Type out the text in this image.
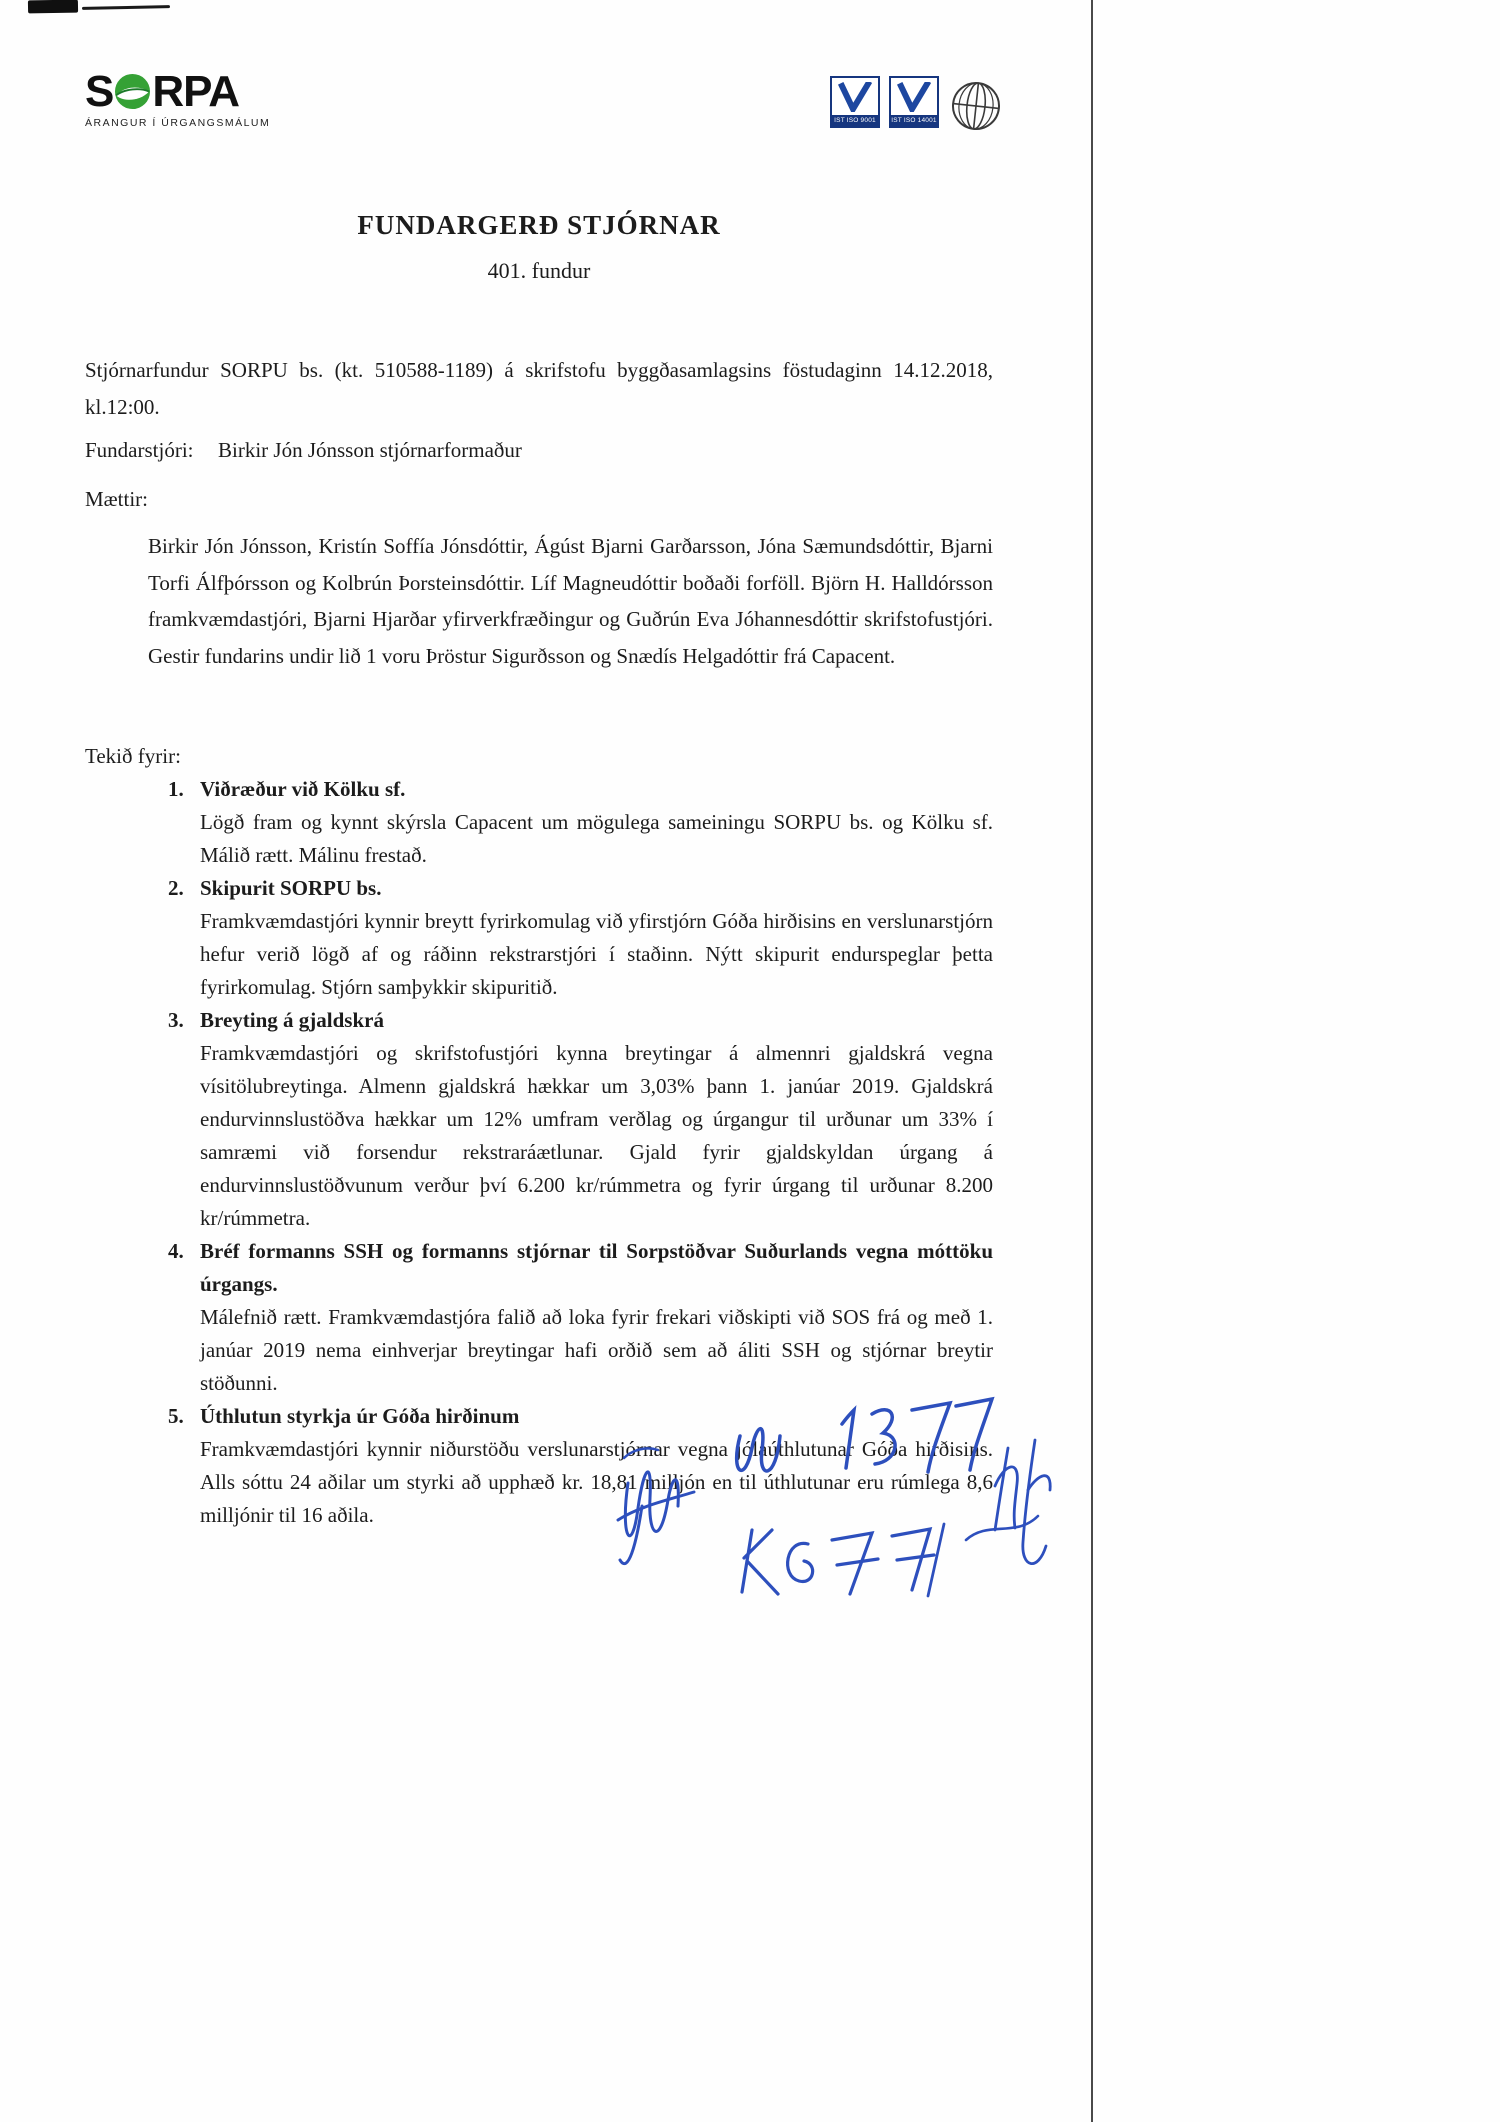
S RPA
ÁRANGUR Í ÚRGANGSMÁLUM	IST ISO 9001	IST ISO 14001
FUNDARGERÐ STJÓRNAR
401. fundur
Stjórnarfundur SORPU bs. (kt. 510588-1189) á skrifstofu byggðasamlagsins föstudaginn 14.12.2018, kl.12:00.
Fundarstjóri:	Birkir Jón Jónsson stjórnarformaður
Mættir:
Birkir Jón Jónsson, Kristín Soffía Jónsdóttir, Ágúst Bjarni Garðarsson, Jóna Sæmundsdóttir, Bjarni Torfi Álfþórsson og Kolbrún Þorsteinsdóttir. Líf Magneudóttir boðaði forföll. Björn H. Halldórsson framkvæmdastjóri, Bjarni Hjarðar yfirverkfræðingur og Guðrún Eva Jóhannesdóttir skrifstofustjóri. Gestir fundarins undir lið 1 voru Þröstur Sigurðsson og Snædís Helgadóttir frá Capacent.
Tekið fyrir:
1. Viðræður við Kölku sf.
Lögð fram og kynnt skýrsla Capacent um mögulega sameiningu SORPU bs. og Kölku sf. Málið rætt. Málinu frestað.
2. Skipurit SORPU bs.
Framkvæmdastjóri kynnir breytt fyrirkomulag við yfirstjórn Góða hirðisins en verslunarstjórn hefur verið lögð af og ráðinn rekstrarstjóri í staðinn. Nýtt skipurit endurspeglar þetta fyrirkomulag. Stjórn samþykkir skipuritið.
3. Breyting á gjaldskrá
Framkvæmdastjóri og skrifstofustjóri kynna breytingar á almennri gjaldskrá vegna vísitölubreytinga. Almenn gjaldskrá hækkar um 3,03% þann 1. janúar 2019. Gjaldskrá endurvinnslustöðva hækkar um 12% umfram verðlag og úrgangur til urðunar um 33% í samræmi við forsendur rekstraráætlunar. Gjald fyrir gjaldskyldan úrgang á endurvinnslustöðvunum verður því 6.200 kr/rúmmetra og fyrir úrgang til urðunar 8.200 kr/rúmmetra.
4. Bréf formanns SSH og formanns stjórnar til Sorpstöðvar Suðurlands vegna móttöku úrgangs.
Málefnið rætt. Framkvæmdastjóra falið að loka fyrir frekari viðskipti við SOS frá og með 1. janúar 2019 nema einhverjar breytingar hafi orðið sem að áliti SSH og stjórnar breytir stöðunni.
5. Úthlutun styrkja úr Góða hirðinum
Framkvæmdastjóri kynnir niðurstöðu verslunarstjórnar vegna jólaúthlutunar Góða hirðisins. Alls sóttu 24 aðilar um styrki að upphæð kr. 18,81 milljón en til úthlutunar eru rúmlega 8,6 milljónir til 16 aðila.
